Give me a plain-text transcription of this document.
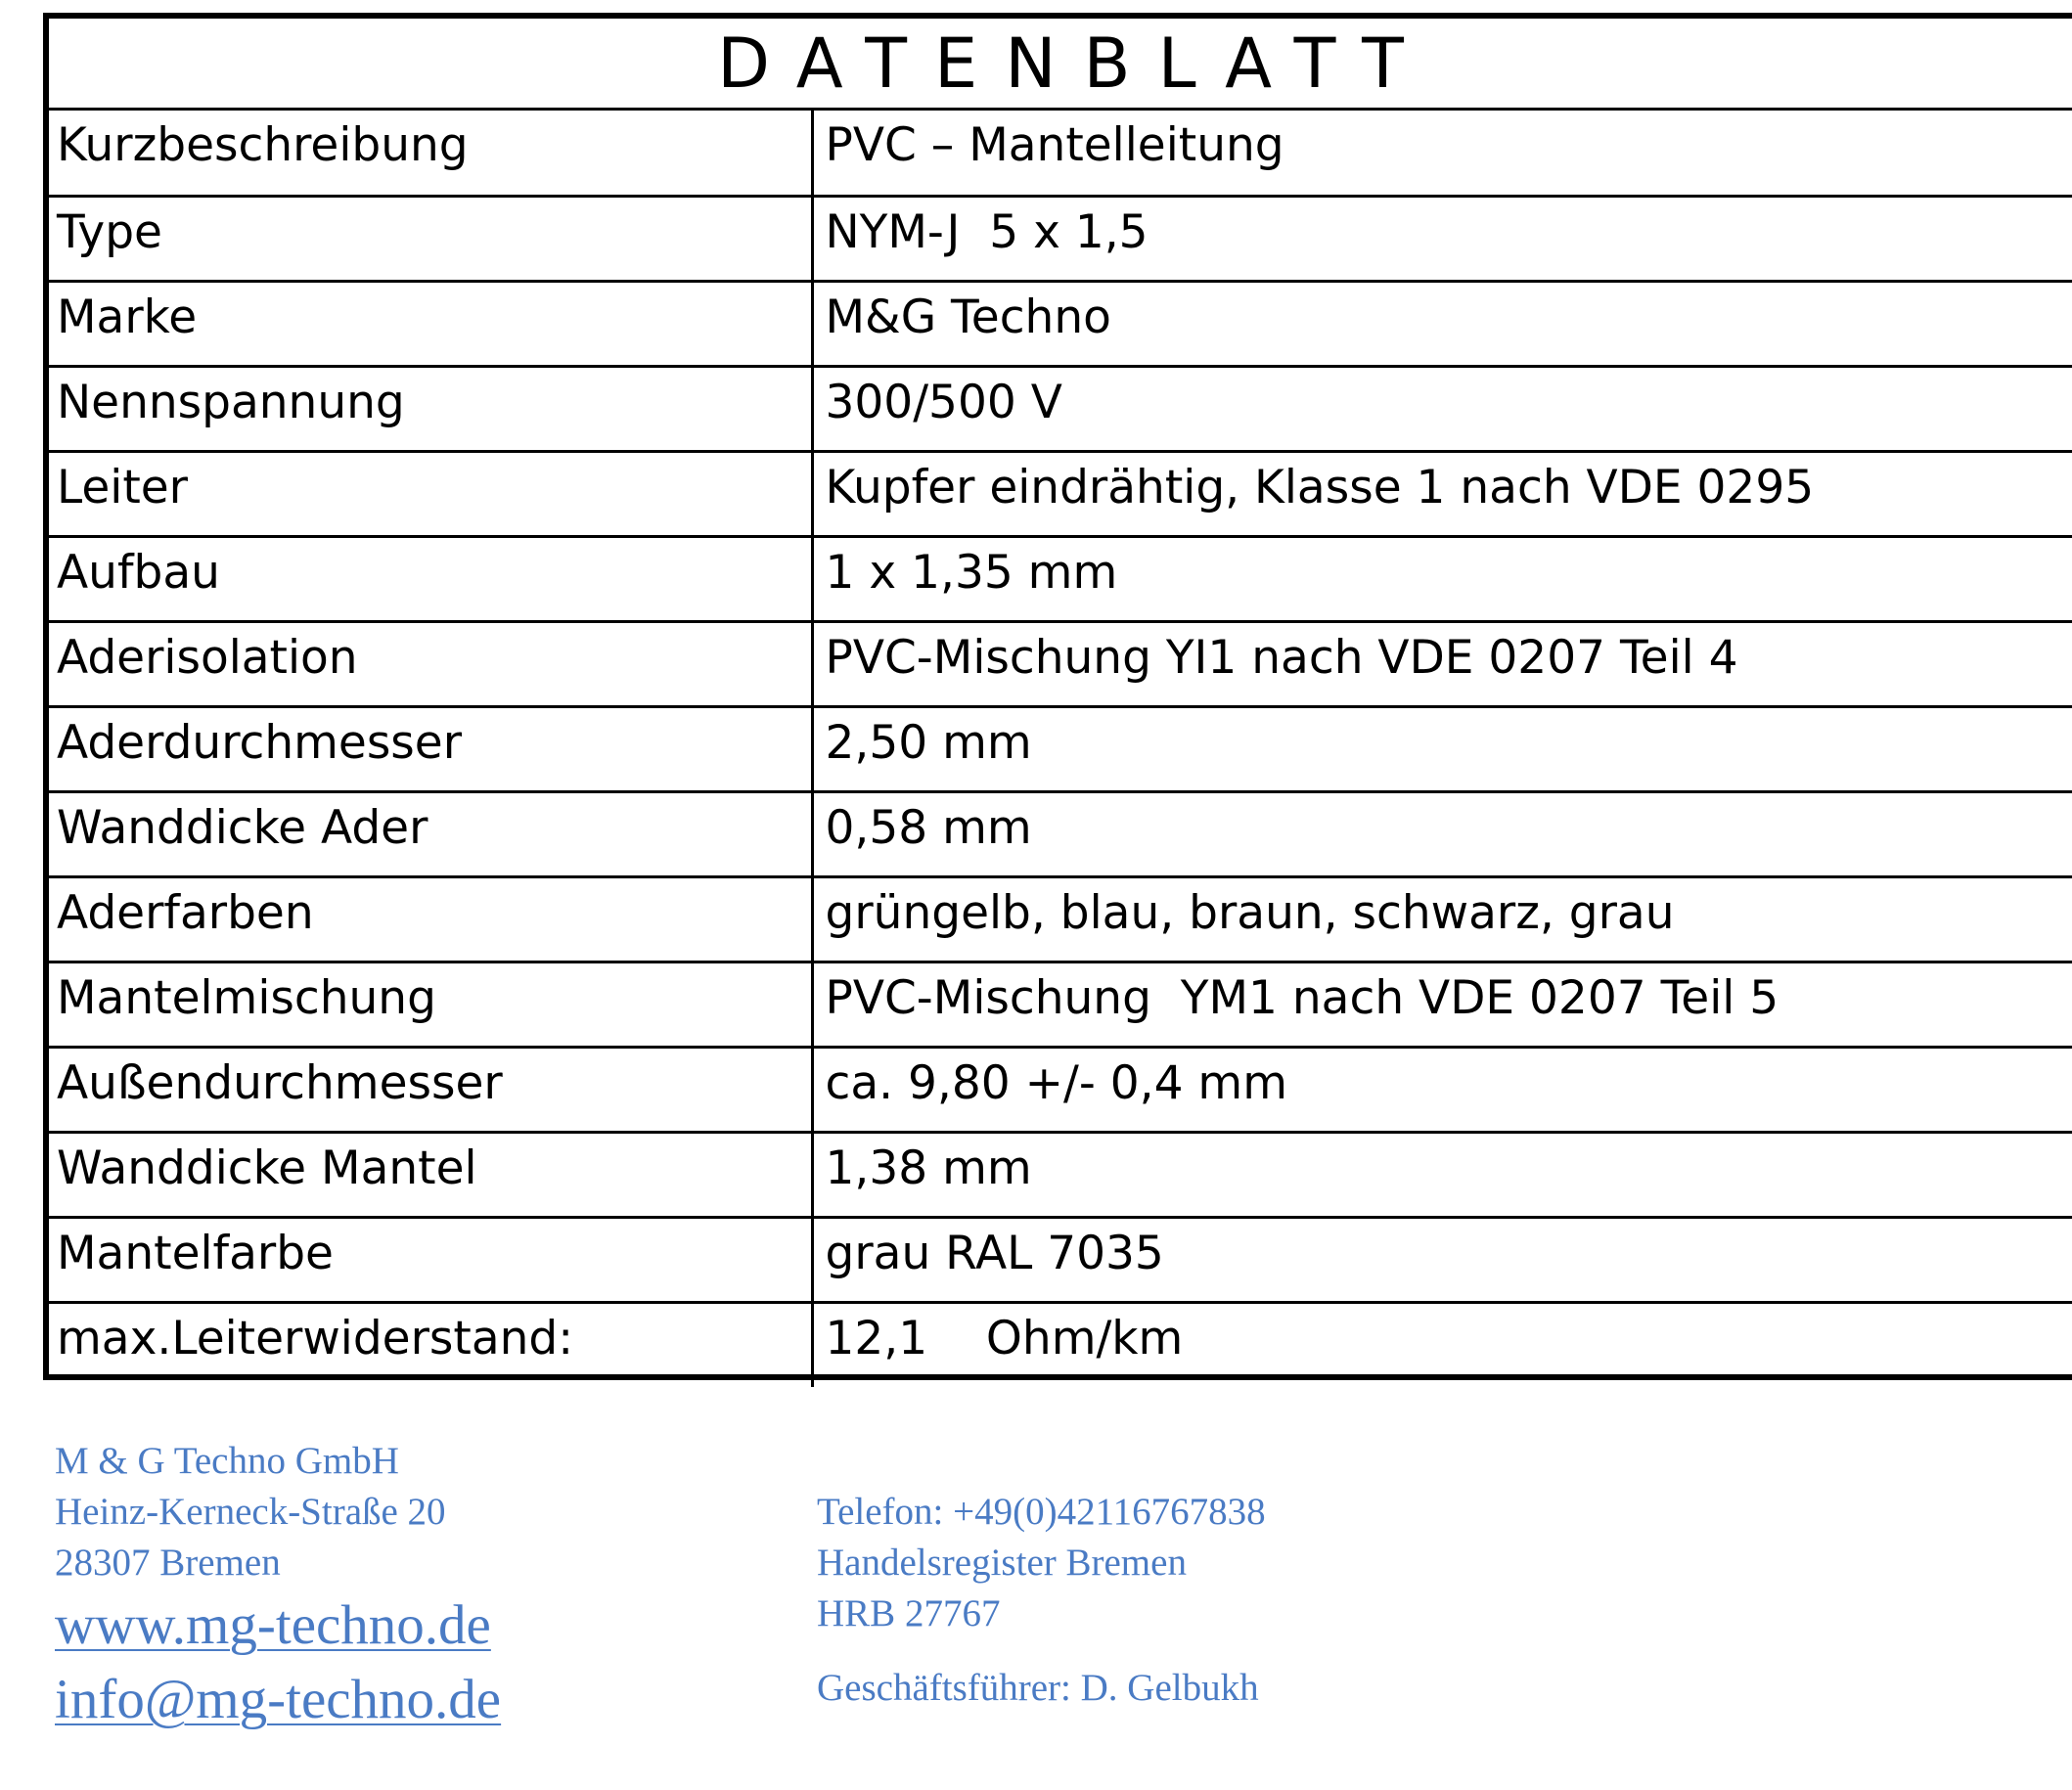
DATENBLATT
Kurzbeschreibung	PVC – Mantelleitung
Type	NYM-J  5 x 1,5
Marke	M&G Techno
Nennspannung	300/500 V
Leiter	Kupfer eindrähtig, Klasse 1 nach VDE 0295
Aufbau	1 x 1,35 mm
Aderisolation	PVC-Mischung YI1 nach VDE 0207 Teil 4
Aderdurchmesser	2,50 mm
Wanddicke Ader	0,58 mm
Aderfarben	grüngelb, blau, braun, schwarz, grau
Mantelmischung	PVC-Mischung  YM1 nach VDE 0207 Teil 5
Außendurchmesser	ca. 9,80 +/- 0,4 mm
Wanddicke Mantel	1,38 mm
Mantelfarbe	grau RAL 7035
max.Leiterwiderstand:	12,1    Ohm/km
M & G Techno GmbH
Heinz-Kerneck-Straße 20
28307 Bremen
www.mg-techno.de
info@mg-techno.de
Telefon: +49(0)42116767838
Handelsregister Bremen
HRB 27767
Geschäftsführer: D. Gelbukh
